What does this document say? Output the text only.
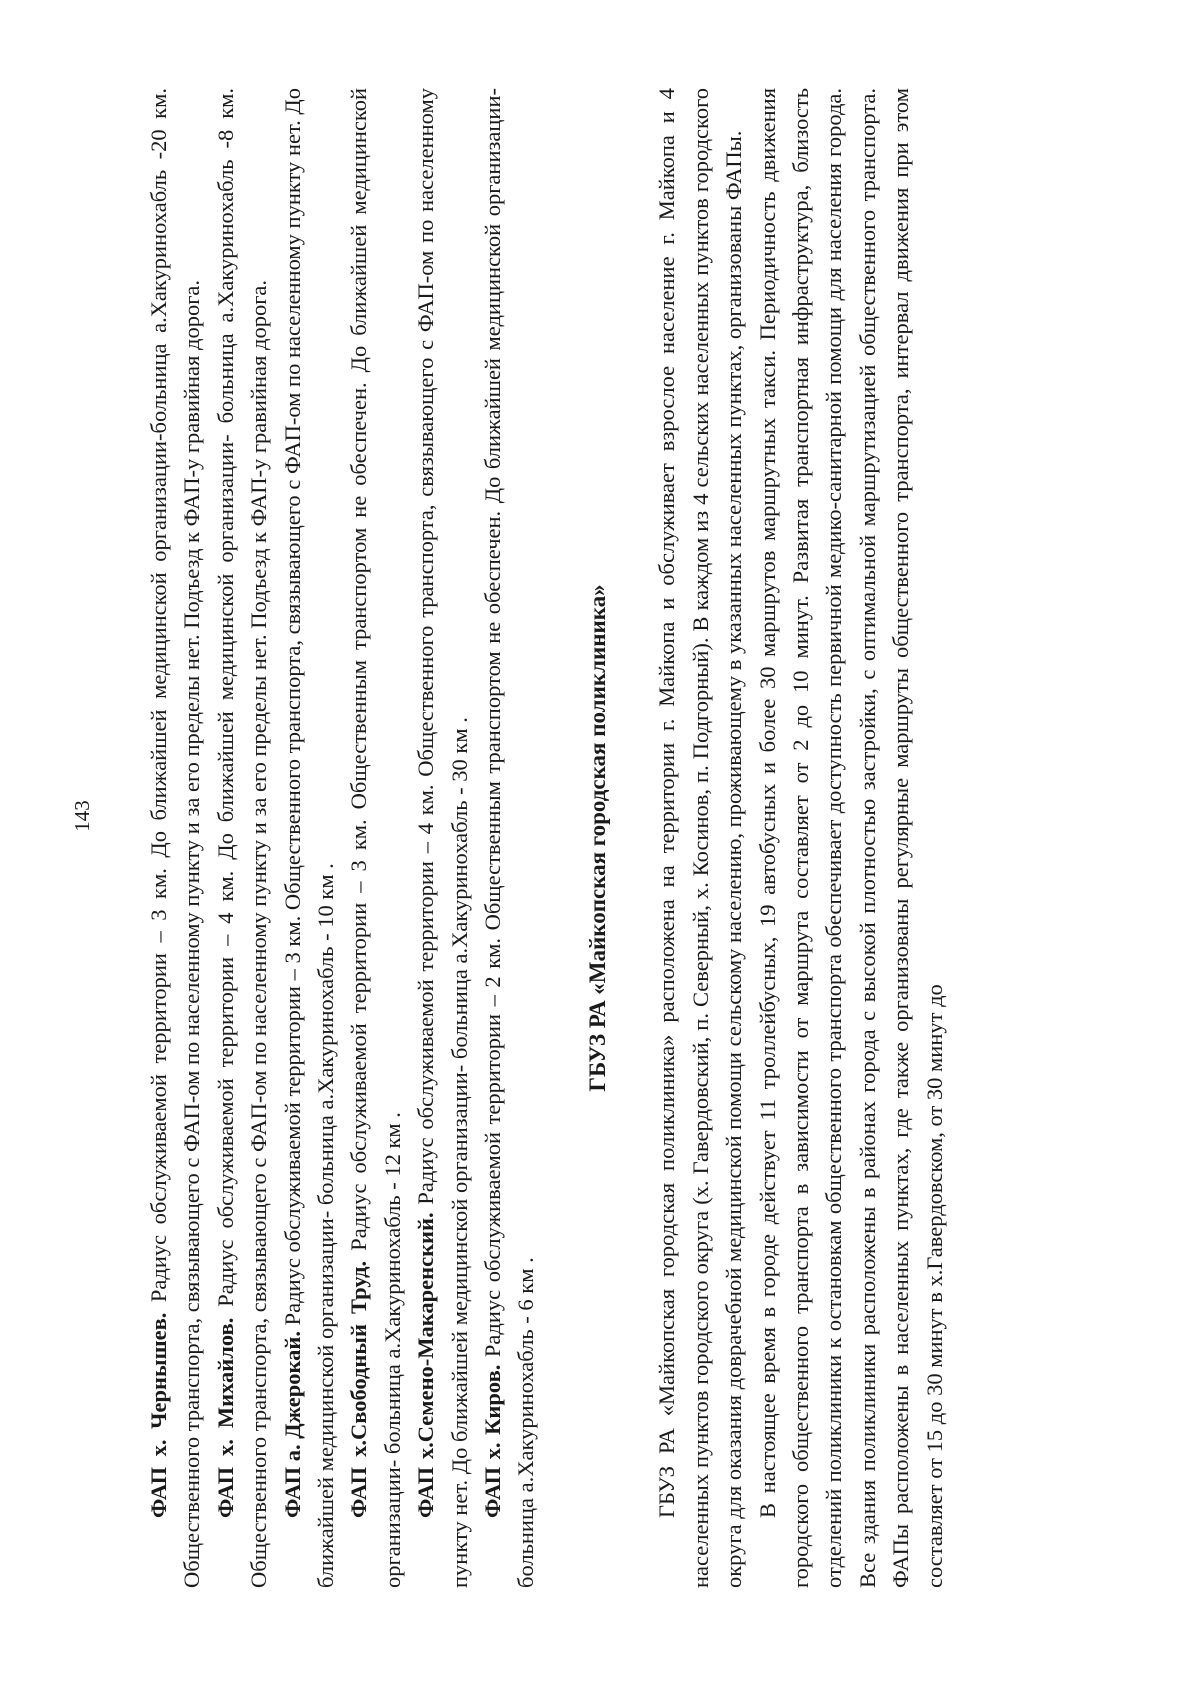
143

ФАП х. Чернышев. Радиус обслуживаемой территории – 3 км. До ближайшей медицинской организации-больница а.Хакуринохабль -20 км. Общественного транспорта, связывающего с ФАП-ом по населенному пункту и за его пределы нет. Подъезд к ФАП-у гравийная дорога. ФАП х. Михайлов. Радиус обслуживаемой территории – 4 км. До ближайшей медицинской организации- больница а.Хакуринохабль -8 км. Общественного транспорта, связывающего с ФАП-ом по населенному пункту и за его пределы нет. Подъезд к ФАП-у гравийная дорога. ФАП а. Джерокай. Радиус обслуживаемой территории – 3 км. Общественного транспорта, связывающего с ФАП-ом по населенному пункту нет. До ближайшей медицинской организации- больница а.Хакуринохабль - 10 км . ФАП х.Свободный Труд. Радиус обслуживаемой территории – 3 км. Общественным транспортом не обеспечен. До ближайшей медицинской организации- больница а.Хакуринохабль - 12 км . ФАП х.Семено-Макаренский. Радиус обслуживаемой территории – 4 км. Общественного транспорта, связывающего с ФАП-ом по населенному пункту нет. До ближайшей медицинской организации- больница а.Хакуринохабль - 30 км . ФАП х. Киров. Радиус обслуживаемой территории – 2 км. Общественным транспортом не обеспечен. До ближайшей медицинской организации- больница а.Хакуринохабль - 6 км .

ГБУЗ РА «Майкопская городская поликлиника» ГБУЗ РА «Майкопская городская поликлиника» расположена на территории г. Майкопа и обслуживает взрослое население г. Майкопа и 4 населенных пунктов городского округа (х. Гавердовский, п. Северный, х. Косинов, п. Подгорный). В каждом из 4 сельских населенных пунктов городского округа для оказания доврачебной медицинской помощи сельскому населению, проживающему в указанных населенных пунктах, организованы ФАПы. В настоящее время в городе действует 11 троллейбусных, 19 автобусных и более 30 маршрутов маршрутных такси. Периодичность движения городского общественного транспорта в зависимости от маршрута составляет от 2 до 10 минут. Развитая транспортная инфраструктура, близость отделений поликлиники к остановкам общественного транспорта обеспечивает доступность первичной медико-санитарной помощи для населения города. Все здания поликлиники расположены в районах города с высокой плотностью застройки, с оптимальной маршрутизацией общественного транспорта. ФАПы расположены в населенных пунктах, где также организованы регулярные маршруты общественного транспорта, интервал движения при этом составляет от 15 до 30 минут в х.Гавердовском, от 30 минут до
